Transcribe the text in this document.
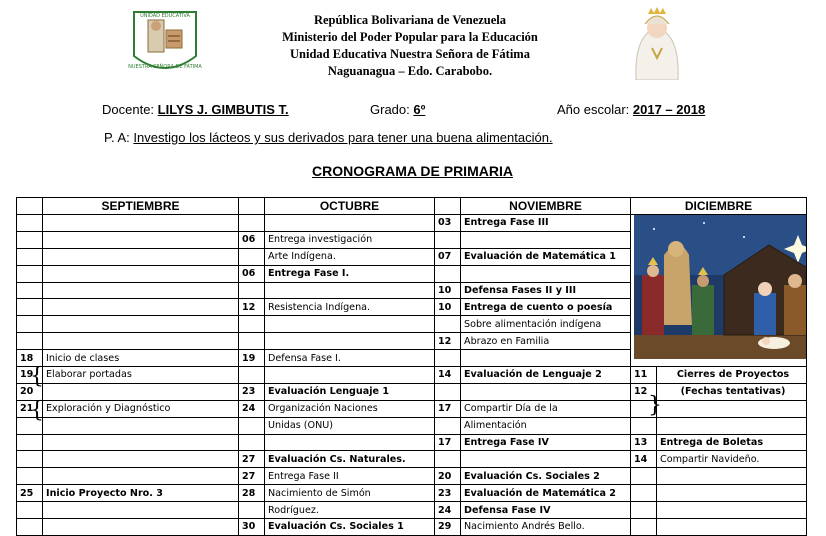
UNIDAD EDUCATIVA
NUESTRA SEÑORA DE FÁTIMA
República Bolivariana de Venezuela
Ministerio del Poder Popular para la Educación
Unidad Educativa Nuestra Señora de Fátima
Naguanagua – Edo. Carabobo.
Docente: LILYS J. GIMBUTIS T.	Grado: 6º	Año escolar: 2017 – 2018
P. A: Investigo los lácteos y sus derivados para tener una buena alimentación.
CRONOGRAMA DE PRIMARIA
	SEPTIEMBRE		OCTUBRE		NOVIEMBRE	DICIEMBRE	
				03	Entrega Fase III	

		06	Entrega investigación				
			Arte Indígena.	07	Evaluación de Matemática 1		
		06	Entrega Fase I.				
				10	Defensa Fases II y III		
		12	Resistencia Indígena.	10	Entrega de cuento o poesía		
					Sobre alimentación indígena		
				12	Abrazo en Familia		
18	Inicio de clases	19	Defensa Fase I.				
19	Elaborar portadas			14	Evaluación de Lenguaje 2	11	Cierres de Proyectos
20		23	Evaluación Lenguaje 1			12	(Fechas tentativas)
21	Exploración y Diagnóstico	24	Organización Naciones	17	Compartir Día de la		
			Unidas (ONU)		Alimentación		
				17	Entrega Fase IV	13	Entrega de Boletas
		27	Evaluación Cs. Naturales.			14	Compartir Navideño.
		27	Entrega Fase II	20	Evaluación Cs. Sociales 2		
25	Inicio Proyecto Nro. 3	28	Nacimiento de Simón	23	Evaluación de Matemática 2		
			Rodríguez.	24	Defensa Fase IV		
		30	Evaluación Cs. Sociales 1	29	Nacimiento Andrés Bello.		
{
{	}
